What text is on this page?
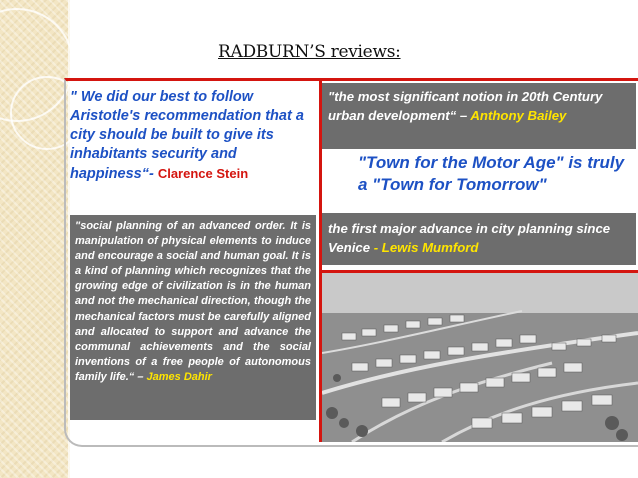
RADBURN’S reviews:
" We did our best to follow Aristotle's recommendation that a city should be built to give its inhabitants security and happiness“- Clarence Stein
"the most significant notion in 20th Century urban development“ – Anthony Bailey
"Town for the Motor Age" is truly a "Town for Tomorrow"
the first major advance in city planning since Venice - Lewis Mumford
"social planning of an advanced order. It is manipulation of physical elements to induce and encourage a social and human goal. It is a kind of planning which recognizes that the growing edge of civilization is in the human and not the mechanical direction, though the mechanical factors must be carefully aligned and allocated to support and advance the communal achievements and the social inventions of a free people of autonomous family life.“ – James Dahir
